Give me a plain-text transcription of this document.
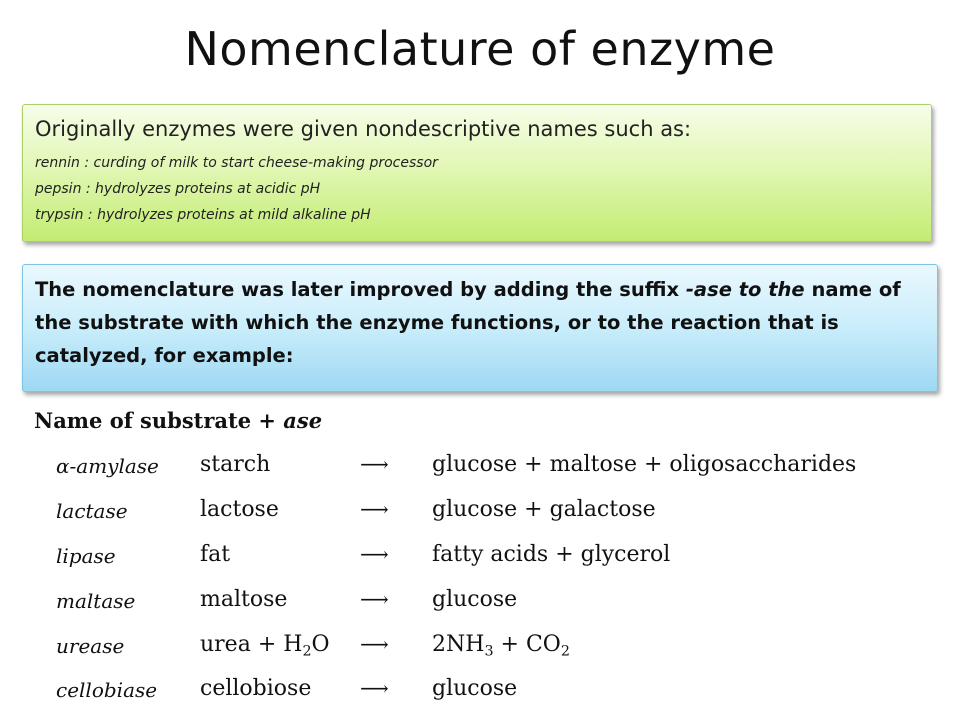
Nomenclature of enzyme
Originally enzymes were given nondescriptive names such as:
rennin : curding of milk to start cheese-making processor
pepsin : hydrolyzes proteins at acidic pH
trypsin : hydrolyzes proteins at mild alkaline pH
The nomenclature was later improved by adding the suffix -ase to the name of the substrate with which the enzyme functions, or to the reaction that is catalyzed, for example:
Name of substrate + ase
α-amylase starch	⟶ glucose + maltose + oligosaccharides
lactase	lactose	⟶ glucose + galactose
lipase	fat	⟶ fatty acids + glycerol
maltase	maltose	⟶ glucose
urease	urea + $H_2O$ ⟶ $2NH_3 + CO_2$
cellobiase cellobiose ⟶ glucose
